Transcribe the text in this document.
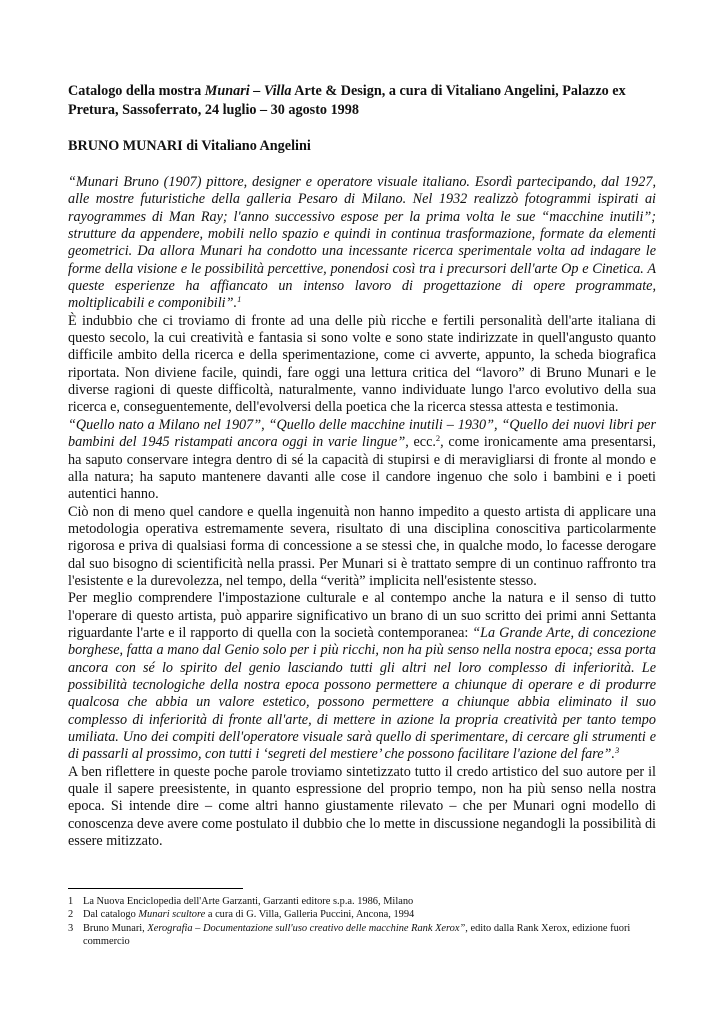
Catalogo della mostra Munari – Villa Arte & Design, a cura di Vitaliano Angelini, Palazzo ex Pretura, Sassoferrato, 24 luglio – 30 agosto 1998

BRUNO MUNARI di Vitaliano Angelini

“Munari Bruno (1907) pittore, designer e operatore visuale italiano. Esordì partecipando, dal 1927, alle mostre futuristiche della galleria Pesaro di Milano. Nel 1932 realizzò fotogrammi ispirati ai rayogrammes di Man Ray; l'anno successivo espose per la prima volta le sue “macchine inutili”; strutture da appendere, mobili nello spazio e quindi in continua trasformazione, formate da elementi geometrici. Da allora Munari ha condotto una incessante ricerca sperimentale volta ad indagare le forme della visione e le possibilità percettive, ponendosi così tra i precursori dell'arte Op e Cinetica. A queste esperienze ha affiancato un intenso lavoro di progettazione di opere programmate, moltiplicabili e componibili”.$^1$

È indubbio che ci troviamo di fronte ad una delle più ricche e fertili personalità dell'arte italiana di questo secolo, la cui creatività e fantasia si sono volte e sono state indirizzate in quell'angusto quanto difficile ambito della ricerca e della sperimentazione, come ci avverte, appunto, la scheda biografica riportata. Non diviene facile, quindi, fare oggi una lettura critica del “lavoro” di Bruno Munari e le diverse ragioni di queste difficoltà, naturalmente, vanno individuate lungo l'arco evolutivo della sua ricerca e, conseguentemente, dell'evolversi della poetica che la ricerca stessa attesta e testimonia.

“Quello nato a Milano nel 1907”, “Quello delle macchine inutili – 1930”, “Quello dei nuovi libri per bambini del 1945 ristampati ancora oggi in varie lingue”, ecc.$^2$, come ironicamente ama presentarsi, ha saputo conservare integra dentro di sé la capacità di stupirsi e di meravigliarsi di fronte al mondo e alla natura; ha saputo mantenere davanti alle cose il candore ingenuo che solo i bambini e i poeti autentici hanno.

Ciò non di meno quel candore e quella ingenuità non hanno impedito a questo artista di applicare una metodologia operativa estremamente severa, risultato di una disciplina conoscitiva particolarmente rigorosa e priva di qualsiasi forma di concessione a se stessi che, in qualche modo, lo facesse derogare dal suo bisogno di scientificità nella prassi. Per Munari si è trattato sempre di un continuo raffronto tra l'esistente e la durevolezza, nel tempo, della “verità” implicita nell'esistente stesso.

Per meglio comprendere l'impostazione culturale e al contempo anche la natura e il senso di tutto l'operare di questo artista, può apparire significativo un brano di un suo scritto dei primi anni Settanta riguardante l'arte e il rapporto di quella con la società contemporanea: “La Grande Arte, di concezione borghese, fatta a mano dal Genio solo per i più ricchi, non ha più senso nella nostra epoca; essa porta ancora con sé lo spirito del genio lasciando tutti gli altri nel loro complesso di inferiorità. Le possibilità tecnologiche della nostra epoca possono permettere a chiunque di operare e di produrre qualcosa che abbia un valore estetico, possono permettere a chiunque abbia eliminato il suo complesso di inferiorità di fronte all'arte, di mettere in azione la propria creatività per tanto tempo umiliata. Uno dei compiti dell'operatore visuale sarà quello di sperimentare, di cercare gli strumenti e di passarli al prossimo, con tutti i ‘segreti del mestiere’ che possono facilitare l'azione del fare”.$^3$

A ben riflettere in queste poche parole troviamo sintetizzato tutto il credo artistico del suo autore per il quale il sapere preesistente, in quanto espressione del proprio tempo, non ha più senso nella nostra epoca. Si intende dire – come altri hanno giustamente rilevato – che per Munari ogni modello di conoscenza deve avere come postulato il dubbio che lo mette in discussione negandogli la possibilità di essere mitizzato.

1 La Nuova Enciclopedia dell'Arte Garzanti, Garzanti editore s.p.a. 1986, Milano
2 Dal catalogo Munari scultore a cura di G. Villa, Galleria Puccini, Ancona, 1994
3 Bruno Munari, Xerografia – Documentazione sull'uso creativo delle macchine Rank Xerox”, edito dalla Rank Xerox, edizione fuori commercio
